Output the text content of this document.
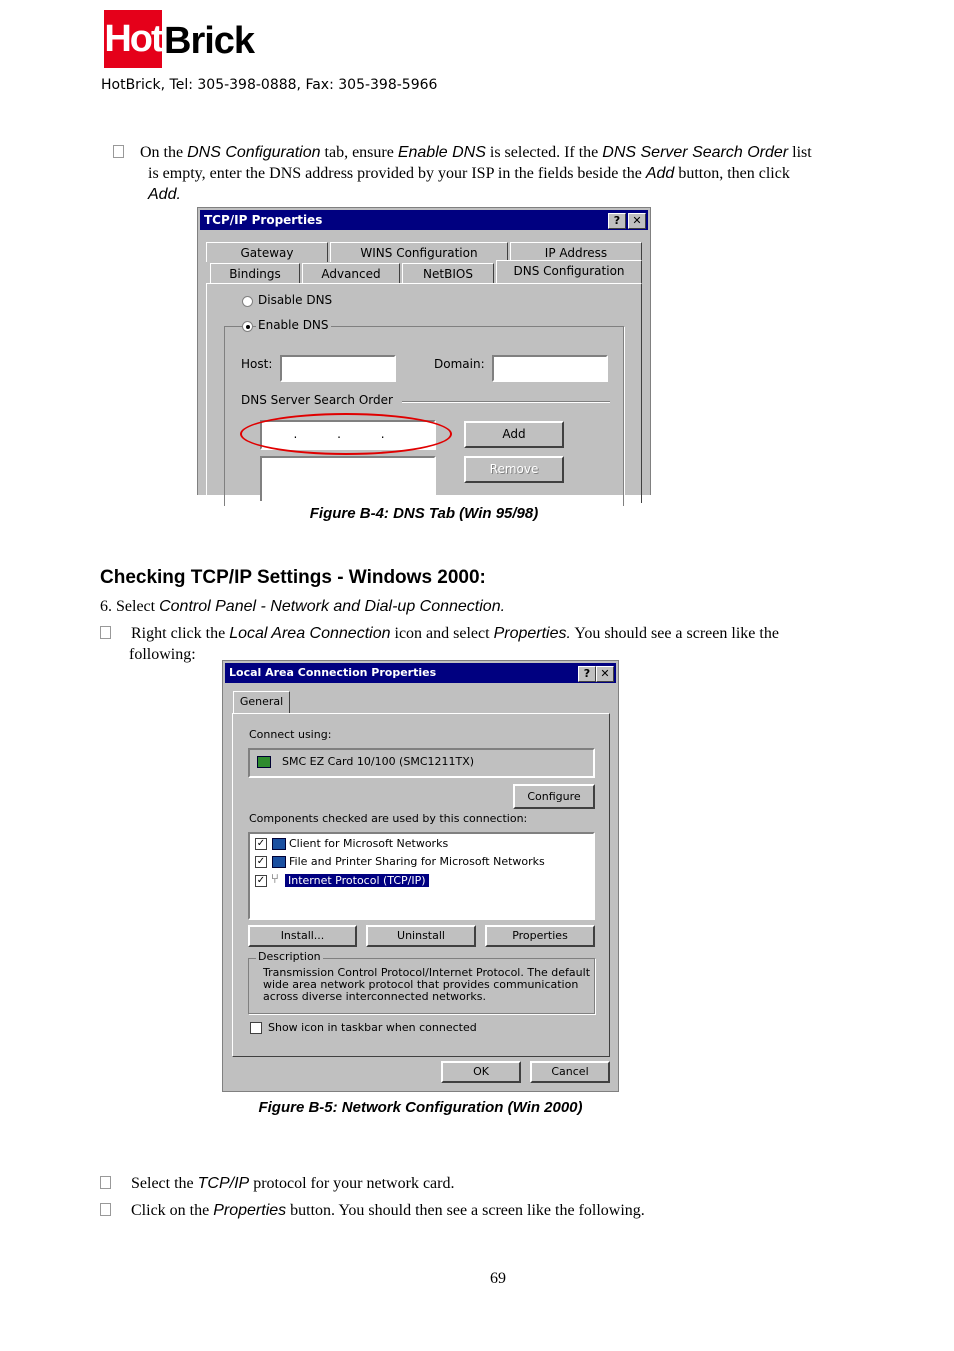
Hot Brick
HotBrick, Tel: 305-398-0888, Fax: 305-398-5966
On the DNS Configuration tab, ensure Enable DNS is selected. If the DNS Server Search Order list
is empty, enter the DNS address provided by your ISP in the fields beside the Add button, then click
Add.
TCP/IP Properties	?	✕
Gateway	WINS Configuration	IP Address
Bindings	Advanced	NetBIOS	DNS Configuration
Disable DNS
Enable DNS
Host:	Domain:
DNS Server Search Order
. . .	Add
Remove
Figure B-4: DNS Tab (Win 95/98)
Checking TCP/IP Settings - Windows 2000:
6. Select Control Panel - Network and Dial-up Connection.
Right click the Local Area Connection icon and select Properties. You should see a screen like the
following:
Local Area Connection Properties	? ✕
General
Connect using:
SMC EZ Card 10/100 (SMC1211TX)
Configure
Components checked are used by this connection:
✓ Client for Microsoft Networks
✓ File and Printer Sharing for Microsoft Networks
✓ ⑂ Internet Protocol (TCP/IP)
Install...	Uninstall	Properties
Description
Transmission Control Protocol/Internet Protocol. The default
wide area network protocol that provides communication
across diverse interconnected networks.
Show icon in taskbar when connected
OK	Cancel
Figure B-5: Network Configuration (Win 2000)
Select the TCP/IP protocol for your network card.
Click on the Properties button. You should then see a screen like the following.
69
